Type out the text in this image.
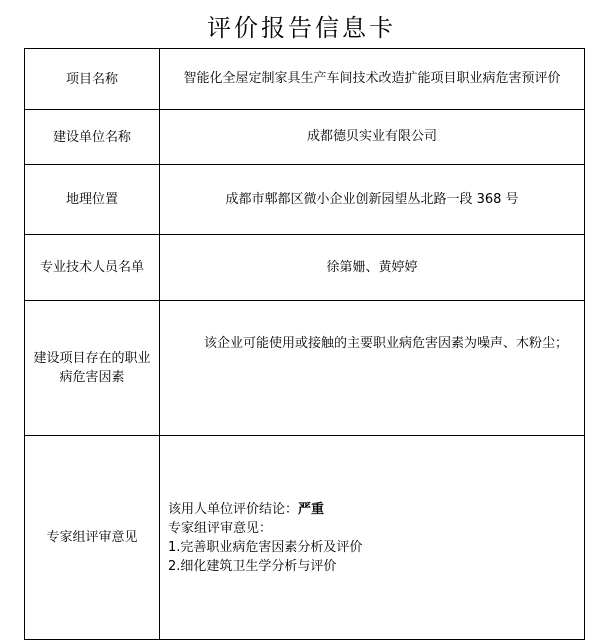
评价报告信息卡
项目名称	智能化全屋定制家具生产车间技术改造扩能项目职业病危害预评价
建设单位名称	成都德贝实业有限公司
地理位置	成都市郫都区微小企业创新园望丛北路一段 368 号
专业技术人员名单	徐第姗、黄婷婷
建设项目存在的职业病危害因素	该企业可能使用或接触的主要职业病危害因素为噪声、木粉尘；

专家组评审意见	该用人单位评价结论：严重
专家组评审意见：
1.完善职业病危害因素分析及评价
2.细化建筑卫生学分析与评价
